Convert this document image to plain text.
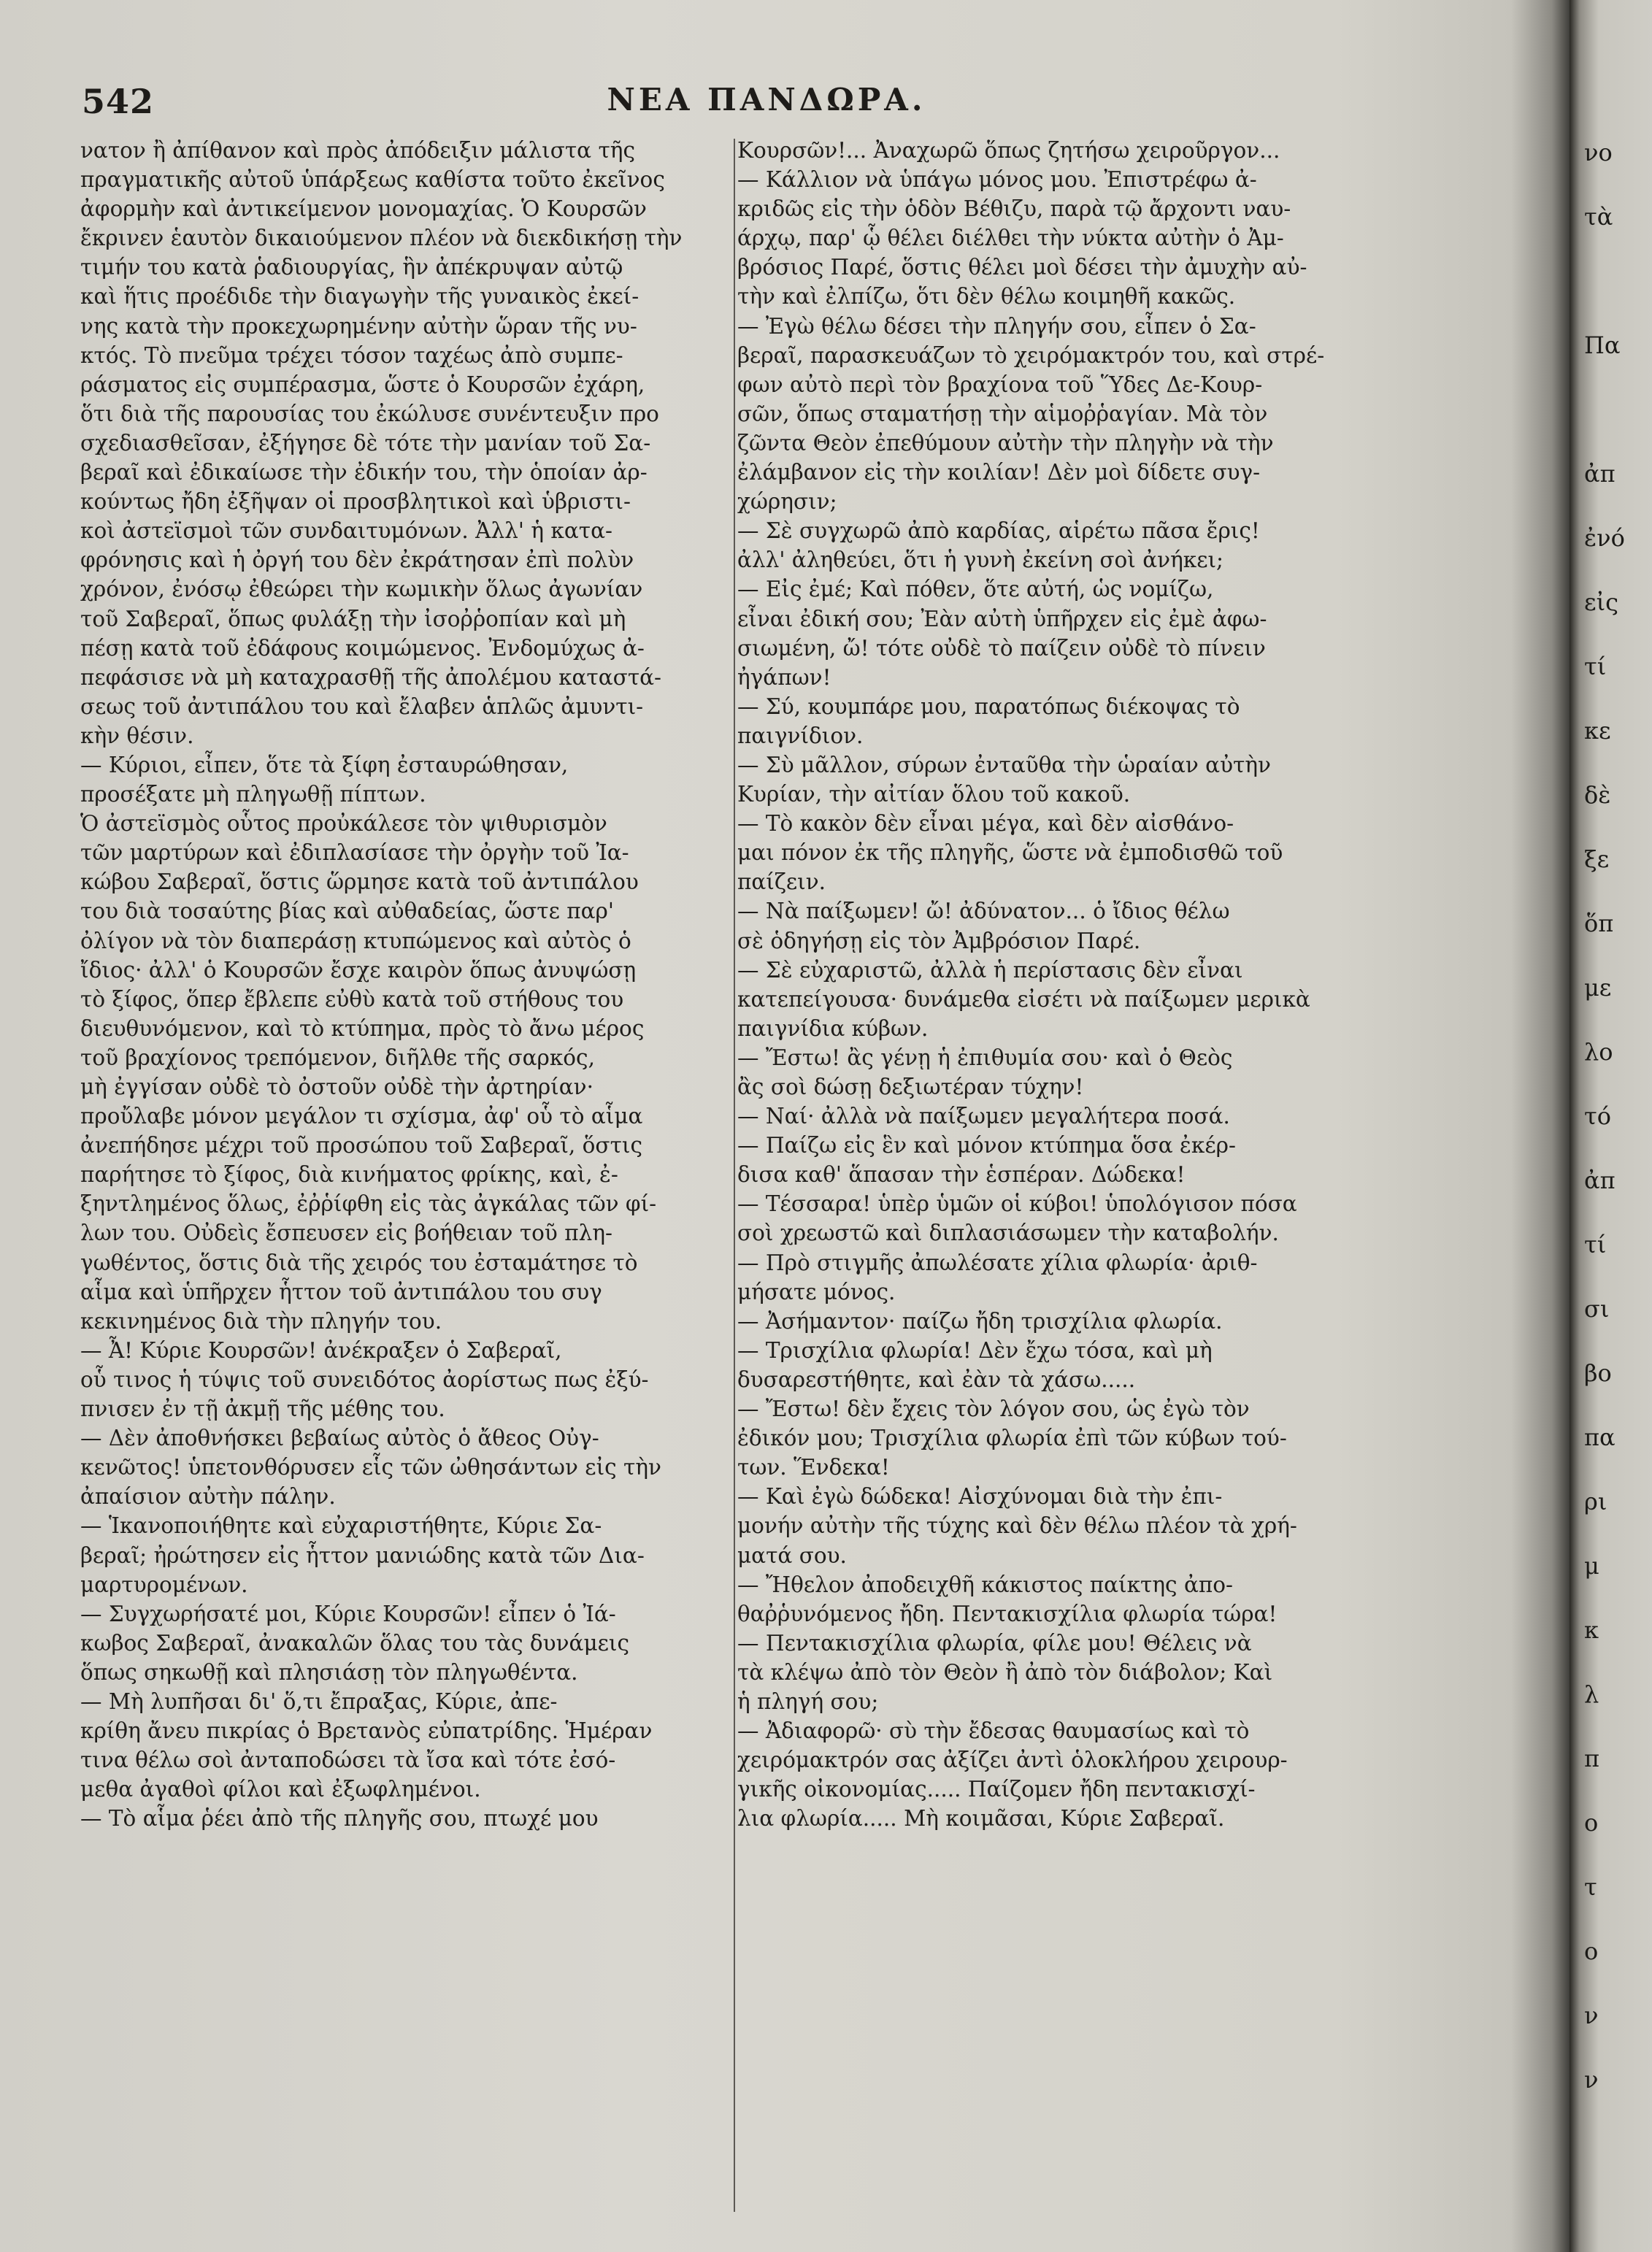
542	ΝΕΑ ΠΑΝΔΩΡΑ.
νατον ἢ ἀπίθανον καὶ πρὸς ἀπόδειξιν μάλιστα τῆς
πραγματικῆς αὐτοῦ ὑπάρξεως καθίστα τοῦτο ἐκεῖνος
ἀφορμὴν καὶ ἀντικείμενον μονομαχίας. Ὁ Κουρσῶν
ἔκρινεν ἑαυτὸν δικαιούμενον πλέον νὰ διεκδικήσῃ τὴν
τιμήν του κατὰ ῥαδιουργίας, ἣν ἀπέκρυψαν αὐτῷ
καὶ ἥτις προέδιδε τὴν διαγωγὴν τῆς γυναικὸς ἐκεί-
νης κατὰ τὴν προκεχωρημένην αὐτὴν ὥραν τῆς νυ-
κτός. Τὸ πνεῦμα τρέχει τόσον ταχέως ἀπὸ συμπε-
ράσματος εἰς συμπέρασμα, ὥστε ὁ Κουρσῶν ἐχάρη,
ὅτι διὰ τῆς παρουσίας του ἐκώλυσε συνέντευξιν προ
σχεδιασθεῖσαν, ἐξήγησε δὲ τότε τὴν μανίαν τοῦ Σα-
βεραῖ καὶ ἐδικαίωσε τὴν ἐδικήν του, τὴν ὁποίαν ἀρ-
κούντως ἤδη ἐξῆψαν οἱ προσβλητικοὶ καὶ ὑβριστι-
κοὶ ἀστεϊσμοὶ τῶν συνδαιτυμόνων. Ἀλλ' ἡ κατα-
φρόνησις καὶ ἡ ὀργή του δὲν ἐκράτησαν ἐπὶ πολὺν
χρόνον, ἐνόσῳ ἐθεώρει τὴν κωμικὴν ὅλως ἀγωνίαν
τοῦ Σαβεραῖ, ὅπως φυλάξῃ τὴν ἰσοῤῥοπίαν καὶ μὴ
πέσῃ κατὰ τοῦ ἐδάφους κοιμώμενος. Ἐνδομύχως ἀ-
πεφάσισε νὰ μὴ καταχρασθῇ τῆς ἀπολέμου καταστά-
σεως τοῦ ἀντιπάλου του καὶ ἔλαβεν ἁπλῶς ἀμυντι-
κὴν θέσιν.
— Κύριοι, εἶπεν, ὅτε τὰ ξίφη ἐσταυρώθησαν,
προσέξατε μὴ πληγωθῇ πίπτων.
Ὁ ἀστεϊσμὸς οὗτος προὐκάλεσε τὸν ψιθυρισμὸν
τῶν μαρτύρων καὶ ἐδιπλασίασε τὴν ὀργὴν τοῦ Ἰα-
κώβου Σαβεραῖ, ὅστις ὥρμησε κατὰ τοῦ ἀντιπάλου
του διὰ τοσαύτης βίας καὶ αὐθαδείας, ὥστε παρ'
ὀλίγον νὰ τὸν διαπεράσῃ κτυπώμενος καὶ αὐτὸς ὁ
ἴδιος· ἀλλ' ὁ Κουρσῶν ἔσχε καιρὸν ὅπως ἀνυψώσῃ
τὸ ξίφος, ὅπερ ἔβλεπε εὐθὺ κατὰ τοῦ στήθους του
διευθυνόμενον, καὶ τὸ κτύπημα, πρὸς τὸ ἄνω μέρος
τοῦ βραχίονος τρεπόμενον, διῆλθε τῆς σαρκός,
μὴ ἐγγίσαν οὐδὲ τὸ ὀστοῦν οὐδὲ τὴν ἀρτηρίαν·
προὔλαβε μόνον μεγάλον τι σχίσμα, ἀφ' οὗ τὸ αἷμα
ἀνεπήδησε μέχρι τοῦ προσώπου τοῦ Σαβεραῖ, ὅστις
παρήτησε τὸ ξίφος, διὰ κινήματος φρίκης, καὶ, ἐ-
ξηντλημένος ὅλως, ἐῤῥίφθη εἰς τὰς ἀγκάλας τῶν φί-
λων του. Οὐδεὶς ἔσπευσεν εἰς βοήθειαν τοῦ πλη-
γωθέντος, ὅστις διὰ τῆς χειρός του ἐσταμάτησε τὸ
αἷμα καὶ ὑπῆρχεν ἧττον τοῦ ἀντιπάλου του συγ
κεκινημένος διὰ τὴν πληγήν του.
— Ἆ! Κύριε Κουρσῶν! ἀνέκραξεν ὁ Σαβεραῖ,
οὗ τινος ἡ τύψις τοῦ συνειδότος ἀορίστως πως ἐξύ-
πνισεν ἐν τῇ ἀκμῇ τῆς μέθης του.
— Δὲν ἀποθνήσκει βεβαίως αὐτὸς ὁ ἄθεος Οὐγ-
κενῶτος! ὑπετονθόρυσεν εἷς τῶν ὠθησάντων εἰς τὴν
ἀπαίσιον αὐτὴν πάλην.
— Ἱκανοποιήθητε καὶ εὐχαριστήθητε, Κύριε Σα-
βεραῖ; ἠρώτησεν εἰς ἧττον μανιώδης κατὰ τῶν Δια-
μαρτυρομένων.
— Συγχωρήσατέ μοι, Κύριε Κουρσῶν! εἶπεν ὁ Ἰά-
κωβος Σαβεραῖ, ἀνακαλῶν ὅλας του τὰς δυνάμεις
ὅπως σηκωθῇ καὶ πλησιάσῃ τὸν πληγωθέντα.
— Μὴ λυπῆσαι δι' ὅ,τι ἔπραξας, Κύριε, ἀπε-
κρίθη ἄνευ πικρίας ὁ Βρετανὸς εὐπατρίδης. Ἡμέραν
τινα θέλω σοὶ ἀνταποδώσει τὰ ἴσα καὶ τότε ἐσό-
μεθα ἀγαθοὶ φίλοι καὶ ἐξωφλημένοι.
— Τὸ αἷμα ῥέει ἀπὸ τῆς πληγῆς σου, πτωχέ μου
Κουρσῶν!... Ἀναχωρῶ ὅπως ζητήσω χειροῦργον...
— Κάλλιον νὰ ὑπάγω μόνος μου. Ἐπιστρέφω ἀ-
κριδῶς εἰς τὴν ὁδὸν Βέθιζυ, παρὰ τῷ ἄρχοντι ναυ-
άρχῳ, παρ' ᾧ θέλει διέλθει τὴν νύκτα αὐτὴν ὁ Ἀμ-
βρόσιος Παρέ, ὅστις θέλει μοὶ δέσει τὴν ἀμυχὴν αὐ-
τὴν καὶ ἐλπίζω, ὅτι δὲν θέλω κοιμηθῆ κακῶς.
— Ἐγὼ θέλω δέσει τὴν πληγήν σου, εἶπεν ὁ Σα-
βεραῖ, παρασκευάζων τὸ χειρόμακτρόν του, καὶ στρέ-
φων αὐτὸ περὶ τὸν βραχίονα τοῦ Ὕδες Δε-Κουρ-
σῶν, ὅπως σταματήσῃ τὴν αἱμοῤῥαγίαν. Μὰ τὸν
ζῶντα Θεὸν ἐπεθύμουν αὐτὴν τὴν πληγὴν νὰ τὴν
ἐλάμβανον εἰς τὴν κοιλίαν! Δὲν μοὶ δίδετε συγ-
χώρησιν;
— Σὲ συγχωρῶ ἀπὸ καρδίας, αἱρέτω πᾶσα ἔρις!
ἀλλ' ἀληθεύει, ὅτι ἡ γυνὴ ἐκείνη σοὶ ἀνήκει;
— Εἰς ἐμέ; Καὶ πόθεν, ὅτε αὐτή, ὡς νομίζω,
εἶναι ἐδική σου; Ἐὰν αὐτὴ ὑπῆρχεν εἰς ἐμὲ ἀφω-
σιωμένη, ὤ! τότε οὐδὲ τὸ παίζειν οὐδὲ τὸ πίνειν
ἠγάπων!
— Σύ, κουμπάρε μου, παρατόπως διέκοψας τὸ
παιγνίδιον.
— Σὺ μᾶλλον, σύρων ἐνταῦθα τὴν ὡραίαν αὐτὴν
Κυρίαν, τὴν αἰτίαν ὅλου τοῦ κακοῦ.
— Τὸ κακὸν δὲν εἶναι μέγα, καὶ δὲν αἰσθάνο-
μαι πόνον ἐκ τῆς πληγῆς, ὥστε νὰ ἐμποδισθῶ τοῦ
παίζειν.
— Νὰ παίξωμεν! ὤ! ἀδύνατον... ὁ ἴδιος θέλω
σὲ ὁδηγήσῃ εἰς τὸν Ἀμβρόσιον Παρέ.
— Σὲ εὐχαριστῶ, ἀλλὰ ἡ περίστασις δὲν εἶναι
κατεπείγουσα· δυνάμεθα εἰσέτι νὰ παίξωμεν μερικὰ
παιγνίδια κύβων.
— Ἔστω! ἂς γένῃ ἡ ἐπιθυμία σου· καὶ ὁ Θεὸς
ἂς σοὶ δώσῃ δεξιωτέραν τύχην!
— Ναί· ἀλλὰ νὰ παίξωμεν μεγαλήτερα ποσά.
— Παίζω εἰς ἓν καὶ μόνον κτύπημα ὅσα ἐκέρ-
δισα καθ' ἅπασαν τὴν ἑσπέραν. Δώδεκα!
— Τέσσαρα! ὑπὲρ ὑμῶν οἱ κύβοι! ὑπολόγισον πόσα
σοὶ χρεωστῶ καὶ διπλασιάσωμεν τὴν καταβολήν.
— Πρὸ στιγμῆς ἀπωλέσατε χίλια φλωρία· ἀριθ-
μήσατε μόνος.
— Ἀσήμαντον· παίζω ἤδη τρισχίλια φλωρία.
— Τρισχίλια φλωρία! Δὲν ἔχω τόσα, καὶ μὴ
δυσαρεστήθητε, καὶ ἐὰν τὰ χάσω.....
— Ἔστω! δὲν ἔχεις τὸν λόγον σου, ὡς ἐγὼ τὸν
ἐδικόν μου; Τρισχίλια φλωρία ἐπὶ τῶν κύβων τού-
των. Ἕνδεκα!
— Καὶ ἐγὼ δώδεκα! Αἰσχύνομαι διὰ τὴν ἐπι-
μονήν αὐτὴν τῆς τύχης καὶ δὲν θέλω πλέον τὰ χρή-
ματά σου.
— Ἤθελον ἀποδειχθῆ κάκιστος παίκτης ἀπο-
θαῤῥυνόμενος ἤδη. Πεντακισχίλια φλωρία τώρα!
— Πεντακισχίλια φλωρία, φίλε μου! Θέλεις νὰ
τὰ κλέψω ἀπὸ τὸν Θεὸν ἢ ἀπὸ τὸν διάβολον; Καὶ
ἡ πληγή σου;
— Ἀδιαφορῶ· σὺ τὴν ἔδεσας θαυμασίως καὶ τὸ
χειρόμακτρόν σας ἀξίζει ἀντὶ ὁλοκλήρου χειρουρ-
γικῆς οἰκονομίας..... Παίζομεν ἤδη πεντακισχί-
λια φλωρία..... Μὴ κοιμᾶσαι, Κύριε Σαβεραῖ.
νο
τὰ
Πα
ἀπ
ἐνό
εἰς
τί
κε
δὲ
ξε
ὅπ
με
λο
τό
ἀπ
τί
σι
βο
πα
ρι
μ
κ
λ
π
ο
τ
ο
ν
ν
